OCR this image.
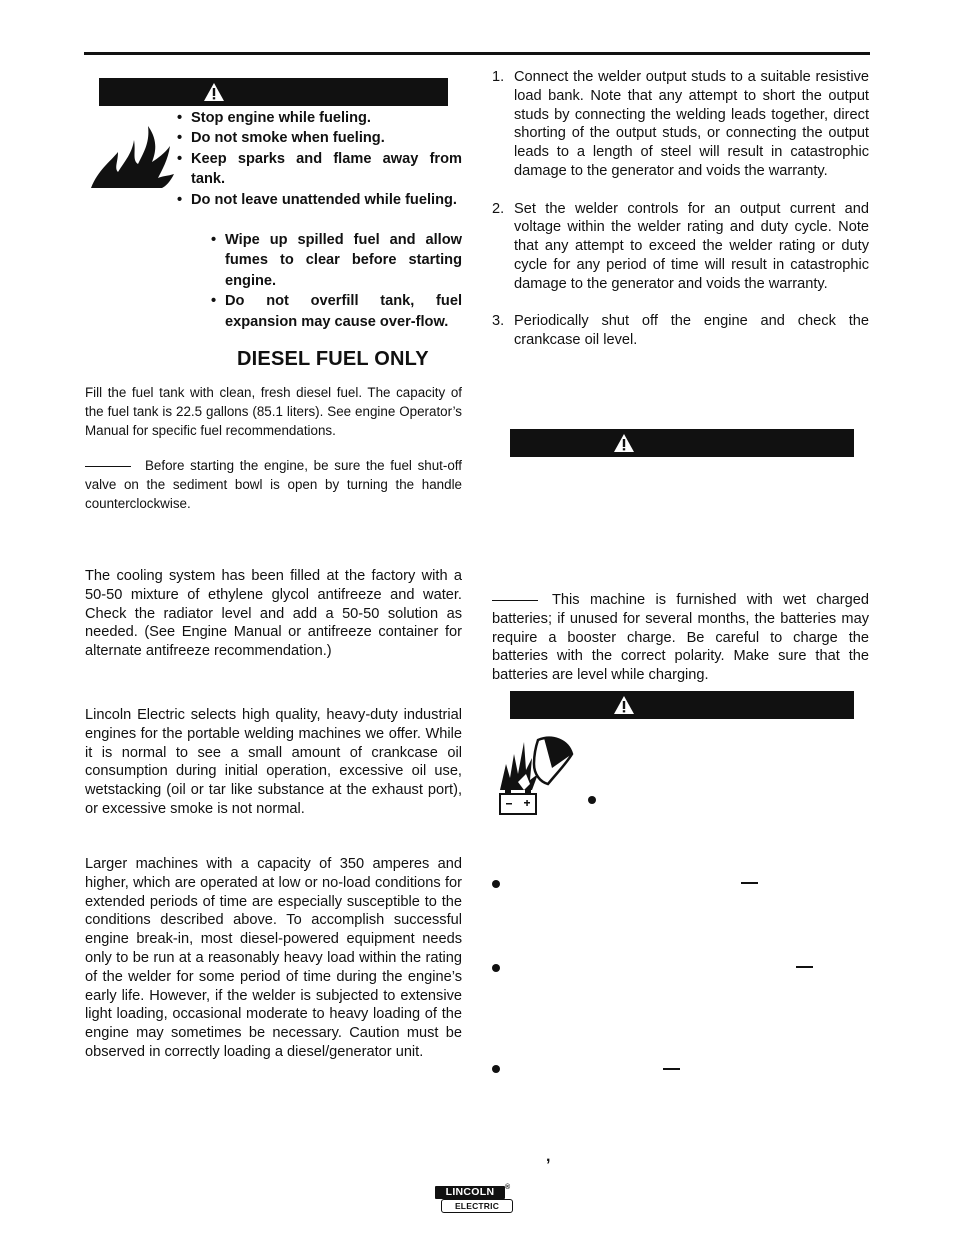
• Stop engine while fueling.
• Do not smoke when fueling.
• Keep sparks and flame away from tank.
• Do not leave unattended while fueling.
• Wipe up spilled fuel and allow fumes to clear before starting engine.
• Do not overfill tank, fuel expansion may cause over-flow.
DIESEL FUEL ONLY

Fill the fuel tank with clean, fresh diesel fuel. The capacity of the fuel tank is 22.5 gallons (85.1 liters). See engine Operator’s Manual for specific fuel recommendations.

Before starting the engine, be sure the fuel shut-off valve on the sediment bowl is open by turning the handle counterclockwise.

The cooling system has been filled at the factory with a 50-50 mixture of ethylene glycol antifreeze and water. Check the radiator level and add a 50-50 solution as needed. (See Engine Manual or antifreeze container for alternate antifreeze recommendation.)

Lincoln Electric selects high quality, heavy-duty industrial engines for the portable welding machines we offer. While it is normal to see a small amount of crankcase oil consumption during initial operation, excessive oil use, wetstacking (oil or tar like substance at the exhaust port), or excessive smoke is not normal.

Larger machines with a capacity of 350 amperes and higher, which are operated at low or no-load conditions for extended periods of time are especially susceptible to the conditions described above. To accomplish successful engine break-in, most diesel-powered equipment needs only to be run at a reasonably heavy load within the rating of the welder for some period of time during the engine’s early life. However, if the welder is subjected to extensive light loading, occasional moderate to heavy loading of the engine may sometimes be necessary. Caution must be observed in correctly loading a diesel/generator unit.

1. Connect the welder output studs to a suitable resistive load bank. Note that any attempt to short the output studs by connecting the welding leads together, direct shorting of the output studs, or connecting the output leads to a length of steel will result in catastrophic damage to the generator and voids the warranty.
2. Set the welder controls for an output current and voltage within the welder rating and duty cycle. Note that any attempt to exceed the welder rating or duty cycle for any period of time will result in catastrophic damage to the generator and voids the warranty.
3. Periodically shut off the engine and check the crankcase oil level.

This machine is furnished with wet charged batteries; if unused for several months, the batteries may require a booster charge. Be careful to charge the batteries with the correct polarity. Make sure that the batteries are level while charging.

,
LINCOLN	®
ELECTRIC
